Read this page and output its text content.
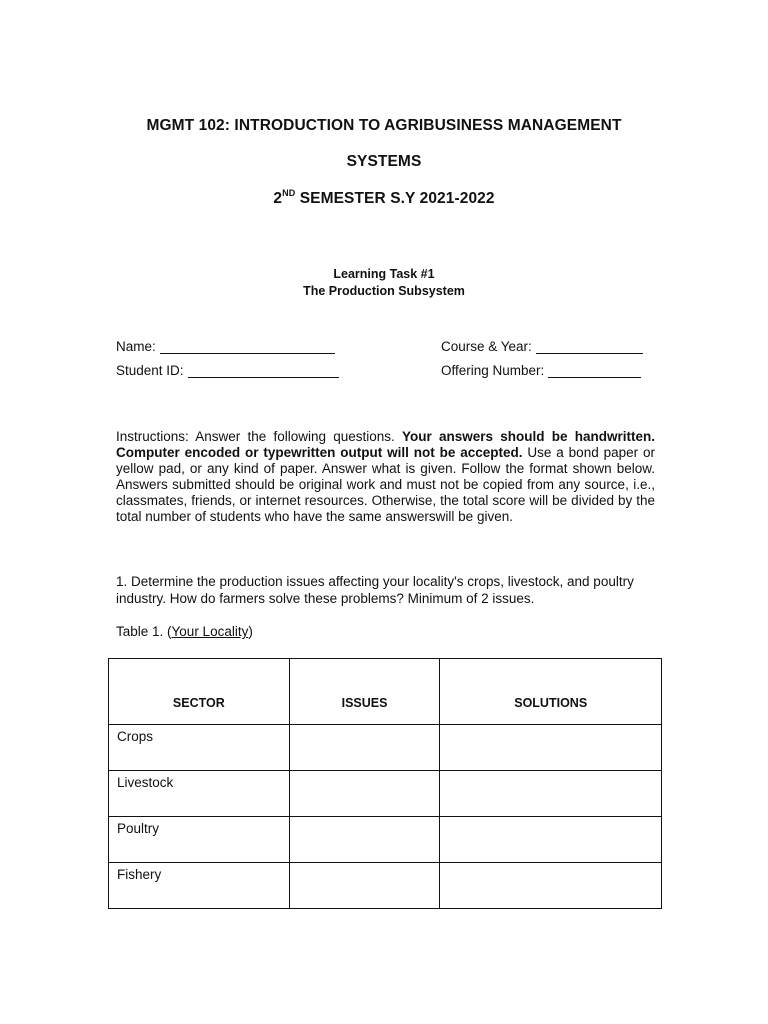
MGMT 102: INTRODUCTION TO AGRIBUSINESS MANAGEMENT
SYSTEMS
2ND SEMESTER S.Y 2021-2022
Learning Task #1
The Production Subsystem
Name:
Student ID:
Course & Year:
Offering Number:
Instructions: Answer the following questions. Your answers should be handwritten. Computer encoded or typewritten output will not be accepted. Use a bond paper or yellow pad, or any kind of paper. Answer what is given. Follow the format shown below. Answers submitted should be original work and must not be copied from any source, i.e., classmates, friends, or internet resources. Otherwise, the total score will be divided by the total number of students who have the same answerswill be given.
1. Determine the production issues affecting your locality's crops, livestock, and poultry industry. How do farmers solve these problems? Minimum of 2 issues.
Table 1. (Your Locality)
SECTOR	ISSUES	SOLUTIONS
Crops		
Livestock		
Poultry		
Fishery		
